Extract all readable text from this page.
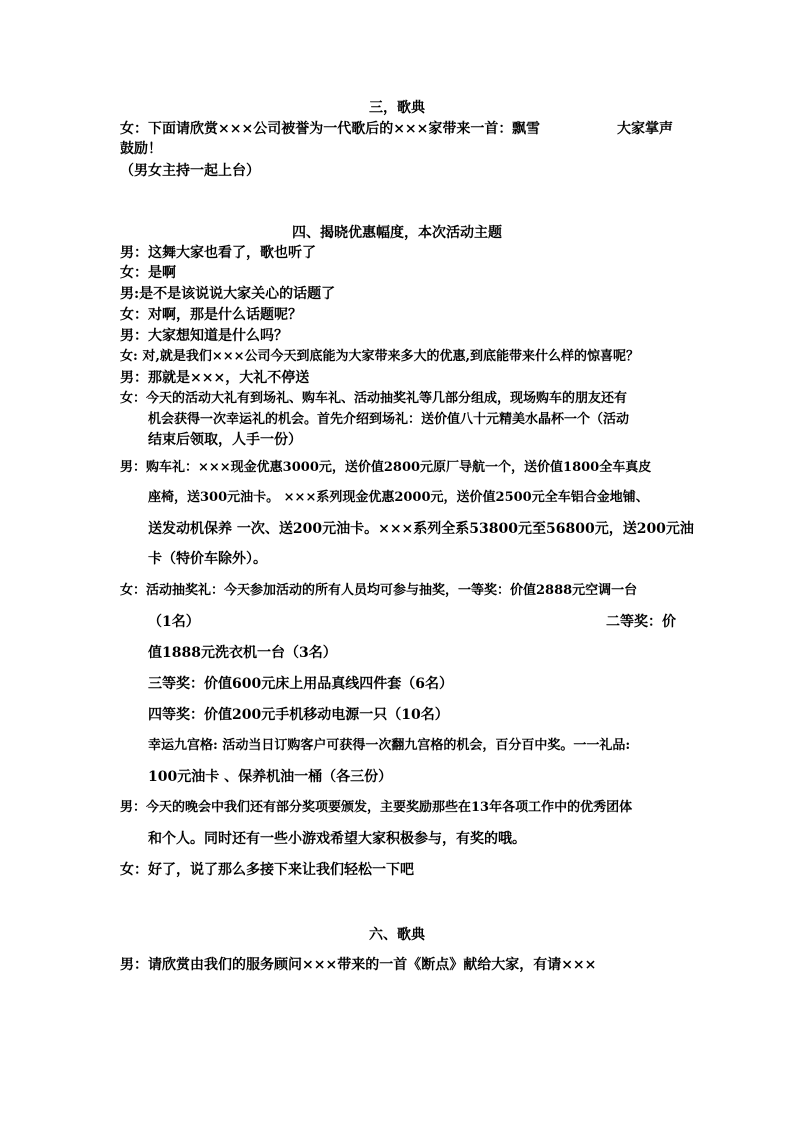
三，歌典
女：下面请欣赏×××公司被誉为一代歌后的×××家带来一首： 飘雪	大家掌声
鼓励！
（男女主持一起上台）
四、揭晓优惠幅度，本次活动主题
男：这舞大家也看了，歌也听了
女：是啊
男:是不是该说说大家关心的话题了
女：对啊，那是什么话题呢？
男：大家想知道是什么吗？
女: 对,就是我们×××公司今天到底能为大家带来多大的优惠,到底能带来什么样的惊喜呢？
男：那就是×××，大礼不停送
女：今天的活动大礼有到场礼、购车礼、活动抽奖礼等几部分组成，现场购车的朋友还有
机会获得一次幸运礼的机会。首先介绍到场礼：送价值八十元精美水晶杯一个（活动
结束后领取，人手一份）
男：购车礼：×××现金优惠3000元，送价值2800元原厂导航一个，送价值1800全车真皮
座椅，送300元油卡。 ×××系列现金优惠2000元，送价值2500元全车铝合金地铺、
送发动机保养 一次、送200元油卡。×××系列全系53800元至56800元，送200元油
卡（特价车除外）。
女：活动抽奖礼：今天参加活动的所有人员均可参与抽奖，一等奖：价值2888元空调一台
（1名）	二等奖：价
值1888元洗衣机一台（3名）
三等奖：价值600元床上用品真线四件套（6名）
四等奖：价值200元手机移动电源一只（10名）
幸运九宫格: 活动当日订购客户可获得一次翻九宫格的机会，百分百中奖。一一礼品:
100元油卡 、保养机油一桶（各三份）
男：今天的晚会中我们还有部分奖项要颁发，主要奖励那些在13年各项工作中的优秀团体
和个人。同时还有一些小游戏希望大家积极参与，有奖的哦。
女：好了，说了那么多接下来让我们轻松一下吧
六、歌典
男：请欣赏由我们的服务顾问×××带来的一首《断点》献给大家，有请×××
